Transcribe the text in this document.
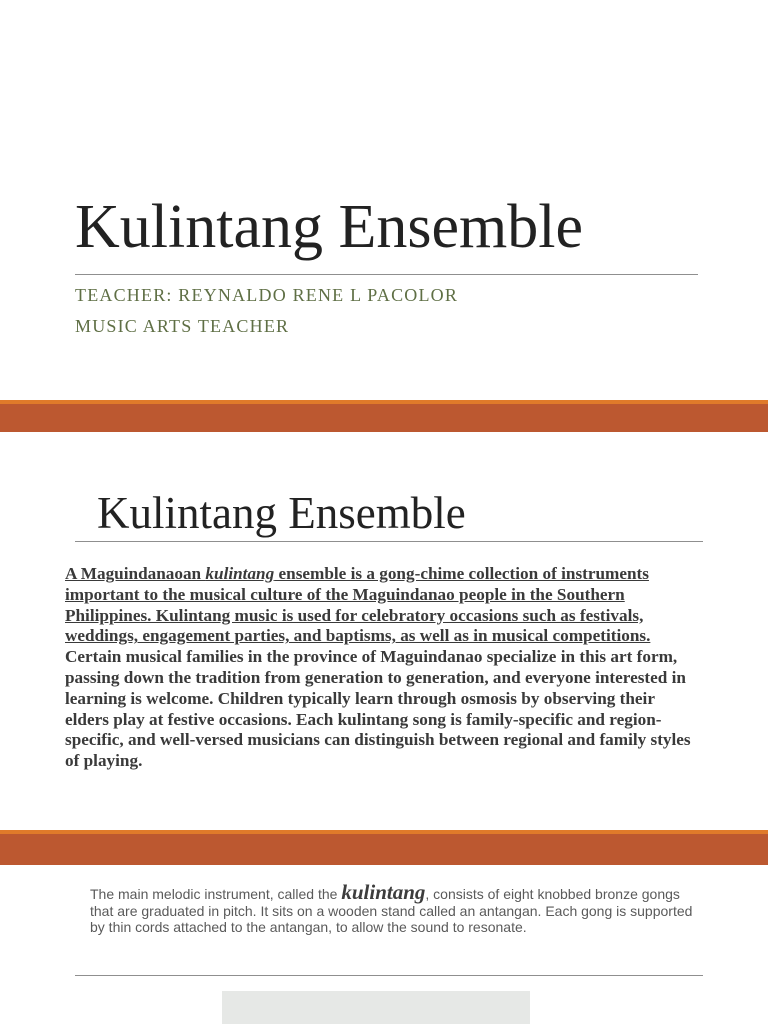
Kulintang Ensemble
TEACHER: REYNALDO RENE L PACOLOR
MUSIC ARTS TEACHER
Kulintang Ensemble
A Maguindanaoan kulintang ensemble is a gong-chime collection of instruments important to the musical culture of the Maguindanao people in the Southern Philippines. Kulintang music is used for celebratory occasions such as festivals, weddings, engagement parties, and baptisms, as well as in musical competitions. Certain musical families in the province of Maguindanao specialize in this art form, passing down the tradition from generation to generation, and everyone interested in learning is welcome. Children typically learn through osmosis by observing their elders play at festive occasions. Each kulintang song is family-specific and region-specific, and well-versed musicians can distinguish between regional and family styles of playing.
The main melodic instrument, called the kulintang, consists of eight knobbed bronze gongs that are graduated in pitch. It sits on a wooden stand called an antangan. Each gong is supported by thin cords attached to the antangan, to allow the sound to resonate.
